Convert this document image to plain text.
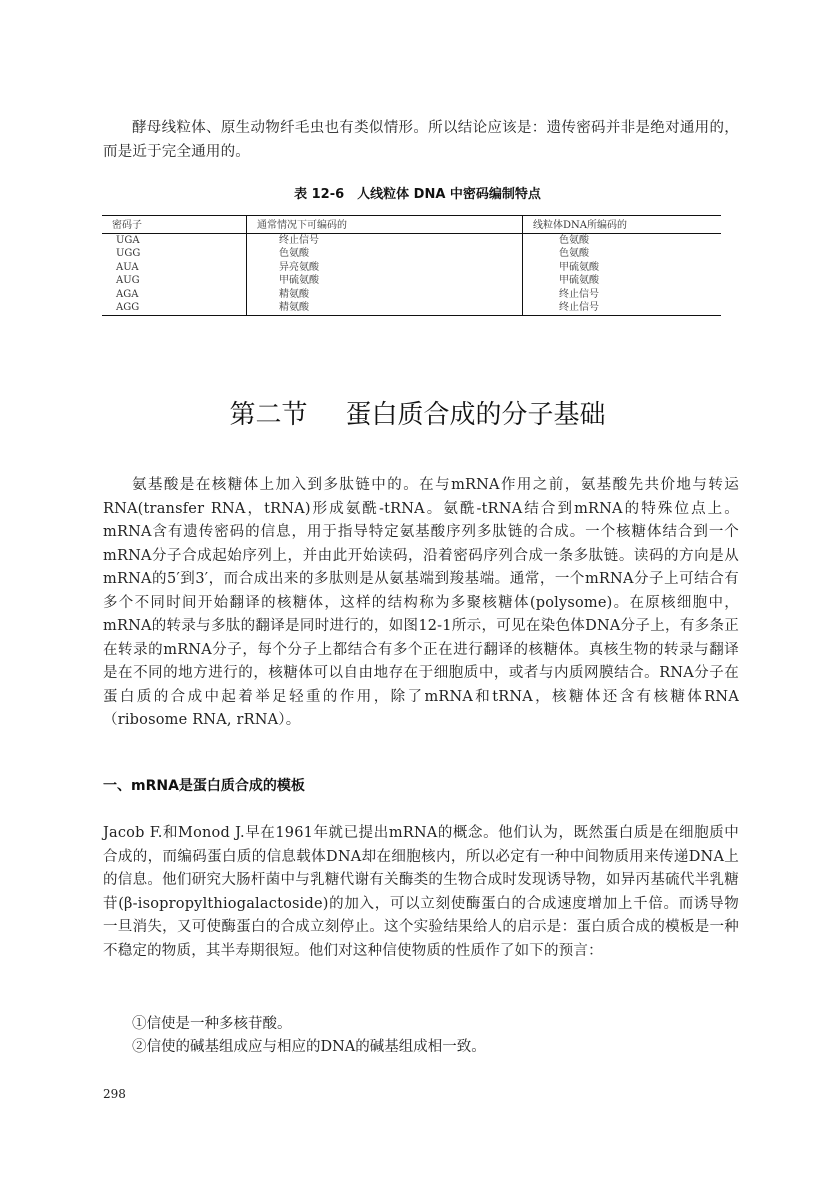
酵母线粒体、原生动物纤毛虫也有类似情形。所以结论应该是：遗传密码并非是绝对通用的，而是近于完全通用的。

表 12-6　人线粒体 DNA 中密码编制特点
密码子	通常情况下可编码的	线粒体DNA所编码的
UGA	终止信号	色氨酸
UGG	色氨酸	色氨酸
AUA	异亮氨酸	甲硫氨酸
AUG	甲硫氨酸	甲硫氨酸
AGA	精氨酸	终止信号
AGG	精氨酸	终止信号
第二节 蛋白质合成的分子基础

氨基酸是在核糖体上加入到多肽链中的。在与mRNA作用之前，氨基酸先共价地与转运RNA(transfer RNA，tRNA)形成氨酰-tRNA。氨酰-tRNA结合到mRNA的特殊位点上。mRNA含有遗传密码的信息，用于指导特定氨基酸序列多肽链的合成。一个核糖体结合到一个mRNA分子合成起始序列上，并由此开始读码，沿着密码序列合成一条多肽链。读码的方向是从mRNA的5′到3′，而合成出来的多肽则是从氨基端到羧基端。通常，一个mRNA分子上可结合有多个不同时间开始翻译的核糖体，这样的结构称为多聚核糖体(polysome)。在原核细胞中，mRNA的转录与多肽的翻译是同时进行的，如图12-1所示，可见在染色体DNA分子上，有多条正在转录的mRNA分子，每个分子上都结合有多个正在进行翻译的核糖体。真核生物的转录与翻译是在不同的地方进行的，核糖体可以自由地存在于细胞质中，或者与内质网膜结合。RNA分子在蛋白质的合成中起着举足轻重的作用，除了mRNA和tRNA，核糖体还含有核糖体RNA（ribosome RNA, rRNA）。

一、mRNA是蛋白质合成的模板

Jacob F.和Monod J.早在1961年就已提出mRNA的概念。他们认为，既然蛋白质是在细胞质中合成的，而编码蛋白质的信息载体DNA却在细胞核内，所以必定有一种中间物质用来传递DNA上的信息。他们研究大肠杆菌中与乳糖代谢有关酶类的生物合成时发现诱导物，如异丙基硫代半乳糖苷(β-isopropylthiogalactoside)的加入，可以立刻使酶蛋白的合成速度增加上千倍。而诱导物一旦消失，又可使酶蛋白的合成立刻停止。这个实验结果给人的启示是：蛋白质合成的模板是一种不稳定的物质，其半寿期很短。他们对这种信使物质的性质作了如下的预言：

①信使是一种多核苷酸。
②信使的碱基组成应与相应的DNA的碱基组成相一致。
298
